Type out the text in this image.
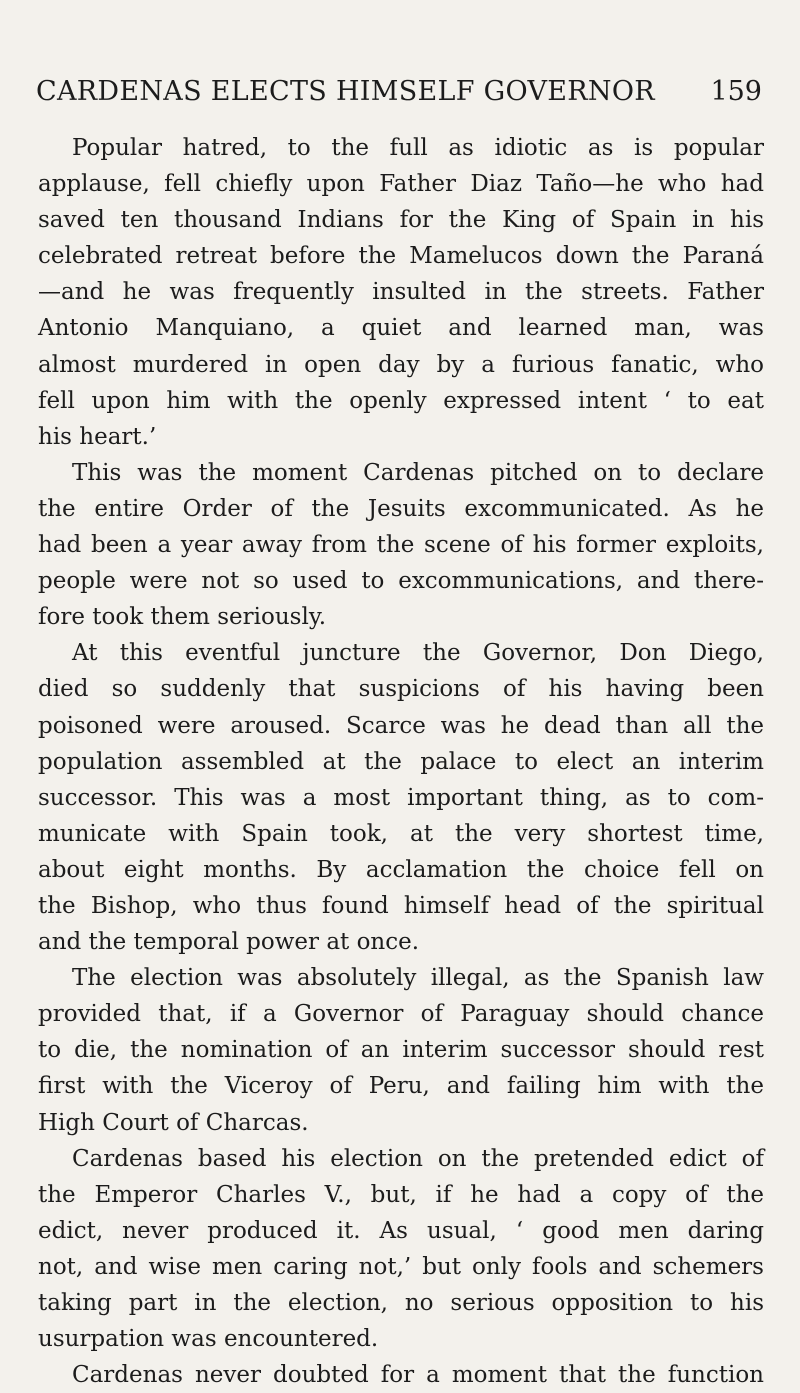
CARDENAS ELECTS HIMSELF GOVERNOR 159
Popular hatred, to the full as idiotic as is popular
applause, fell chiefly upon Father Diaz Taño—he who had
saved ten thousand Indians for the King of Spain in his
celebrated retreat before the Mamelucos down the Paraná
—and he was frequently insulted in the streets. Father
Antonio Manquiano, a quiet and learned man, was
almost murdered in open day by a furious fanatic, who
fell upon him with the openly expressed intent ‘ to eat
his heart.’
This was the moment Cardenas pitched on to declare
the entire Order of the Jesuits excommunicated. As he
had been a year away from the scene of his former exploits,
people were not so used to excommunications, and there-
fore took them seriously.
At this eventful juncture the Governor, Don Diego,
died so suddenly that suspicions of his having been
poisoned were aroused. Scarce was he dead than all the
population assembled at the palace to elect an interim
successor. This was a most important thing, as to com-
municate with Spain took, at the very shortest time,
about eight months. By acclamation the choice fell on
the Bishop, who thus found himself head of the spiritual
and the temporal power at once.
The election was absolutely illegal, as the Spanish law
provided that, if a Governor of Paraguay should chance
to die, the nomination of an interim successor should rest
first with the Viceroy of Peru, and failing him with the
High Court of Charcas.
Cardenas based his election on the pretended edict of
the Emperor Charles V., but, if he had a copy of the
edict, never produced it. As usual, ‘ good men daring
not, and wise men caring not,’ but only fools and schemers
taking part in the election, no serious opposition to his
usurpation was encountered.
Cardenas never doubted for a moment that the function
